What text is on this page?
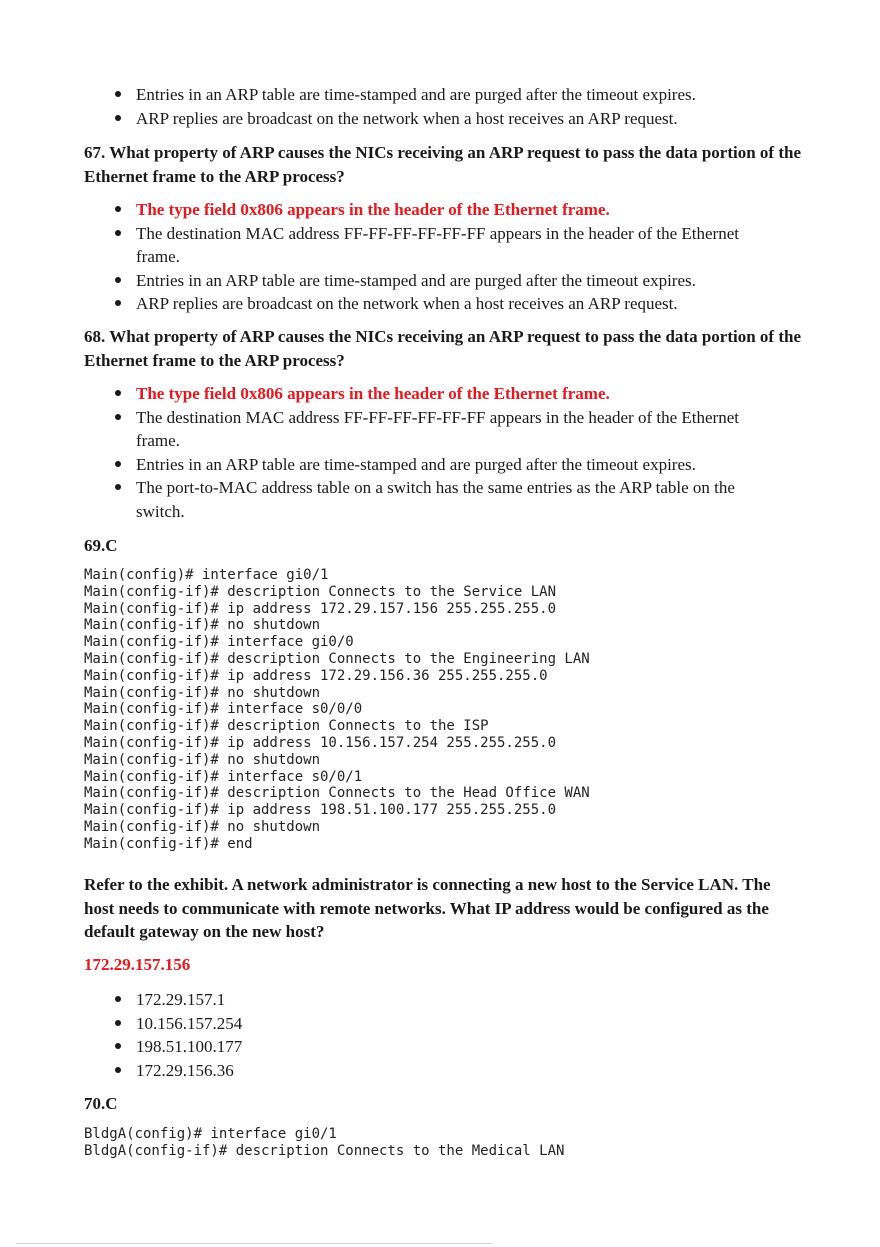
Entries in an ARP table are time-stamped and are purged after the timeout expires.
ARP replies are broadcast on the network when a host receives an ARP request.

67. What property of ARP causes the NICs receiving an ARP request to pass the data portion of the Ethernet frame to the ARP process?

The type field 0x806 appears in the header of the Ethernet frame.
The destination MAC address FF-FF-FF-FF-FF-FF appears in the header of the Ethernet frame.
Entries in an ARP table are time-stamped and are purged after the timeout expires.
ARP replies are broadcast on the network when a host receives an ARP request.

68. What property of ARP causes the NICs receiving an ARP request to pass the data portion of the Ethernet frame to the ARP process?

The type field 0x806 appears in the header of the Ethernet frame.
The destination MAC address FF-FF-FF-FF-FF-FF appears in the header of the Ethernet frame.
Entries in an ARP table are time-stamped and are purged after the timeout expires.
The port-to-MAC address table on a switch has the same entries as the ARP table on the switch.

69.C

Main(config)# interface gi0/1
Main(config-if)# description Connects to the Service LAN
Main(config-if)# ip address 172.29.157.156 255.255.255.0
Main(config-if)# no shutdown
Main(config-if)# interface gi0/0
Main(config-if)# description Connects to the Engineering LAN
Main(config-if)# ip address 172.29.156.36 255.255.255.0
Main(config-if)# no shutdown
Main(config-if)# interface s0/0/0
Main(config-if)# description Connects to the ISP
Main(config-if)# ip address 10.156.157.254 255.255.255.0
Main(config-if)# no shutdown
Main(config-if)# interface s0/0/1
Main(config-if)# description Connects to the Head Office WAN
Main(config-if)# ip address 198.51.100.177 255.255.255.0
Main(config-if)# no shutdown
Main(config-if)# end

Refer to the exhibit. A network administrator is connecting a new host to the Service LAN. The host needs to communicate with remote networks. What IP address would be configured as the default gateway on the new host?

172.29.157.156

172.29.157.1
10.156.157.254
198.51.100.177
172.29.156.36

70.C

BldgA(config)# interface gi0/1
BldgA(config-if)# description Connects to the Medical LAN
